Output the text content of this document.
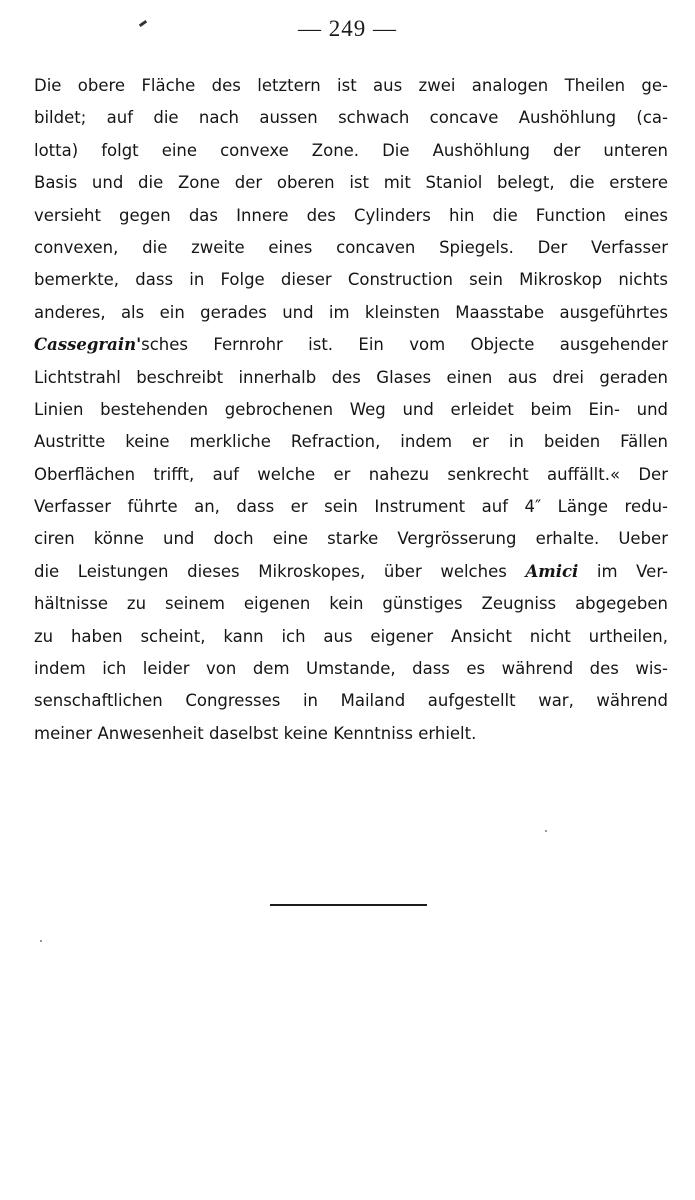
— 249 —
Die obere Fläche des letztern ist aus zwei analogen Theilen ge-
bildet; auf die nach aussen schwach concave Aushöhlung (ca-
lotta) folgt eine convexe Zone. Die Aushöhlung der unteren
Basis und die Zone der oberen ist mit Staniol belegt, die erstere
versieht gegen das Innere des Cylinders hin die Function eines
convexen, die zweite eines concaven Spiegels. Der Verfasser
bemerkte, dass in Folge dieser Construction sein Mikroskop nichts
anderes, als ein gerades und im kleinsten Maasstabe ausgeführtes
Cassegrain'sches Fernrohr ist. Ein vom Objecte ausgehender
Lichtstrahl beschreibt innerhalb des Glases einen aus drei geraden
Linien bestehenden gebrochenen Weg und erleidet beim Ein- und
Austritte keine merkliche Refraction, indem er in beiden Fällen
Oberflächen trifft, auf welche er nahezu senkrecht auffällt.« Der
Verfasser führte an, dass er sein Instrument auf 4″ Länge redu-
ciren könne und doch eine starke Vergrösserung erhalte. Ueber
die Leistungen dieses Mikroskopes, über welches Amici im Ver-
hältnisse zu seinem eigenen kein günstiges Zeugniss abgegeben
zu haben scheint, kann ich aus eigener Ansicht nicht urtheilen,
indem ich leider von dem Umstande, dass es während des wis-
senschaftlichen Congresses in Mailand aufgestellt war, während
meiner Anwesenheit daselbst keine Kenntniss erhielt.
